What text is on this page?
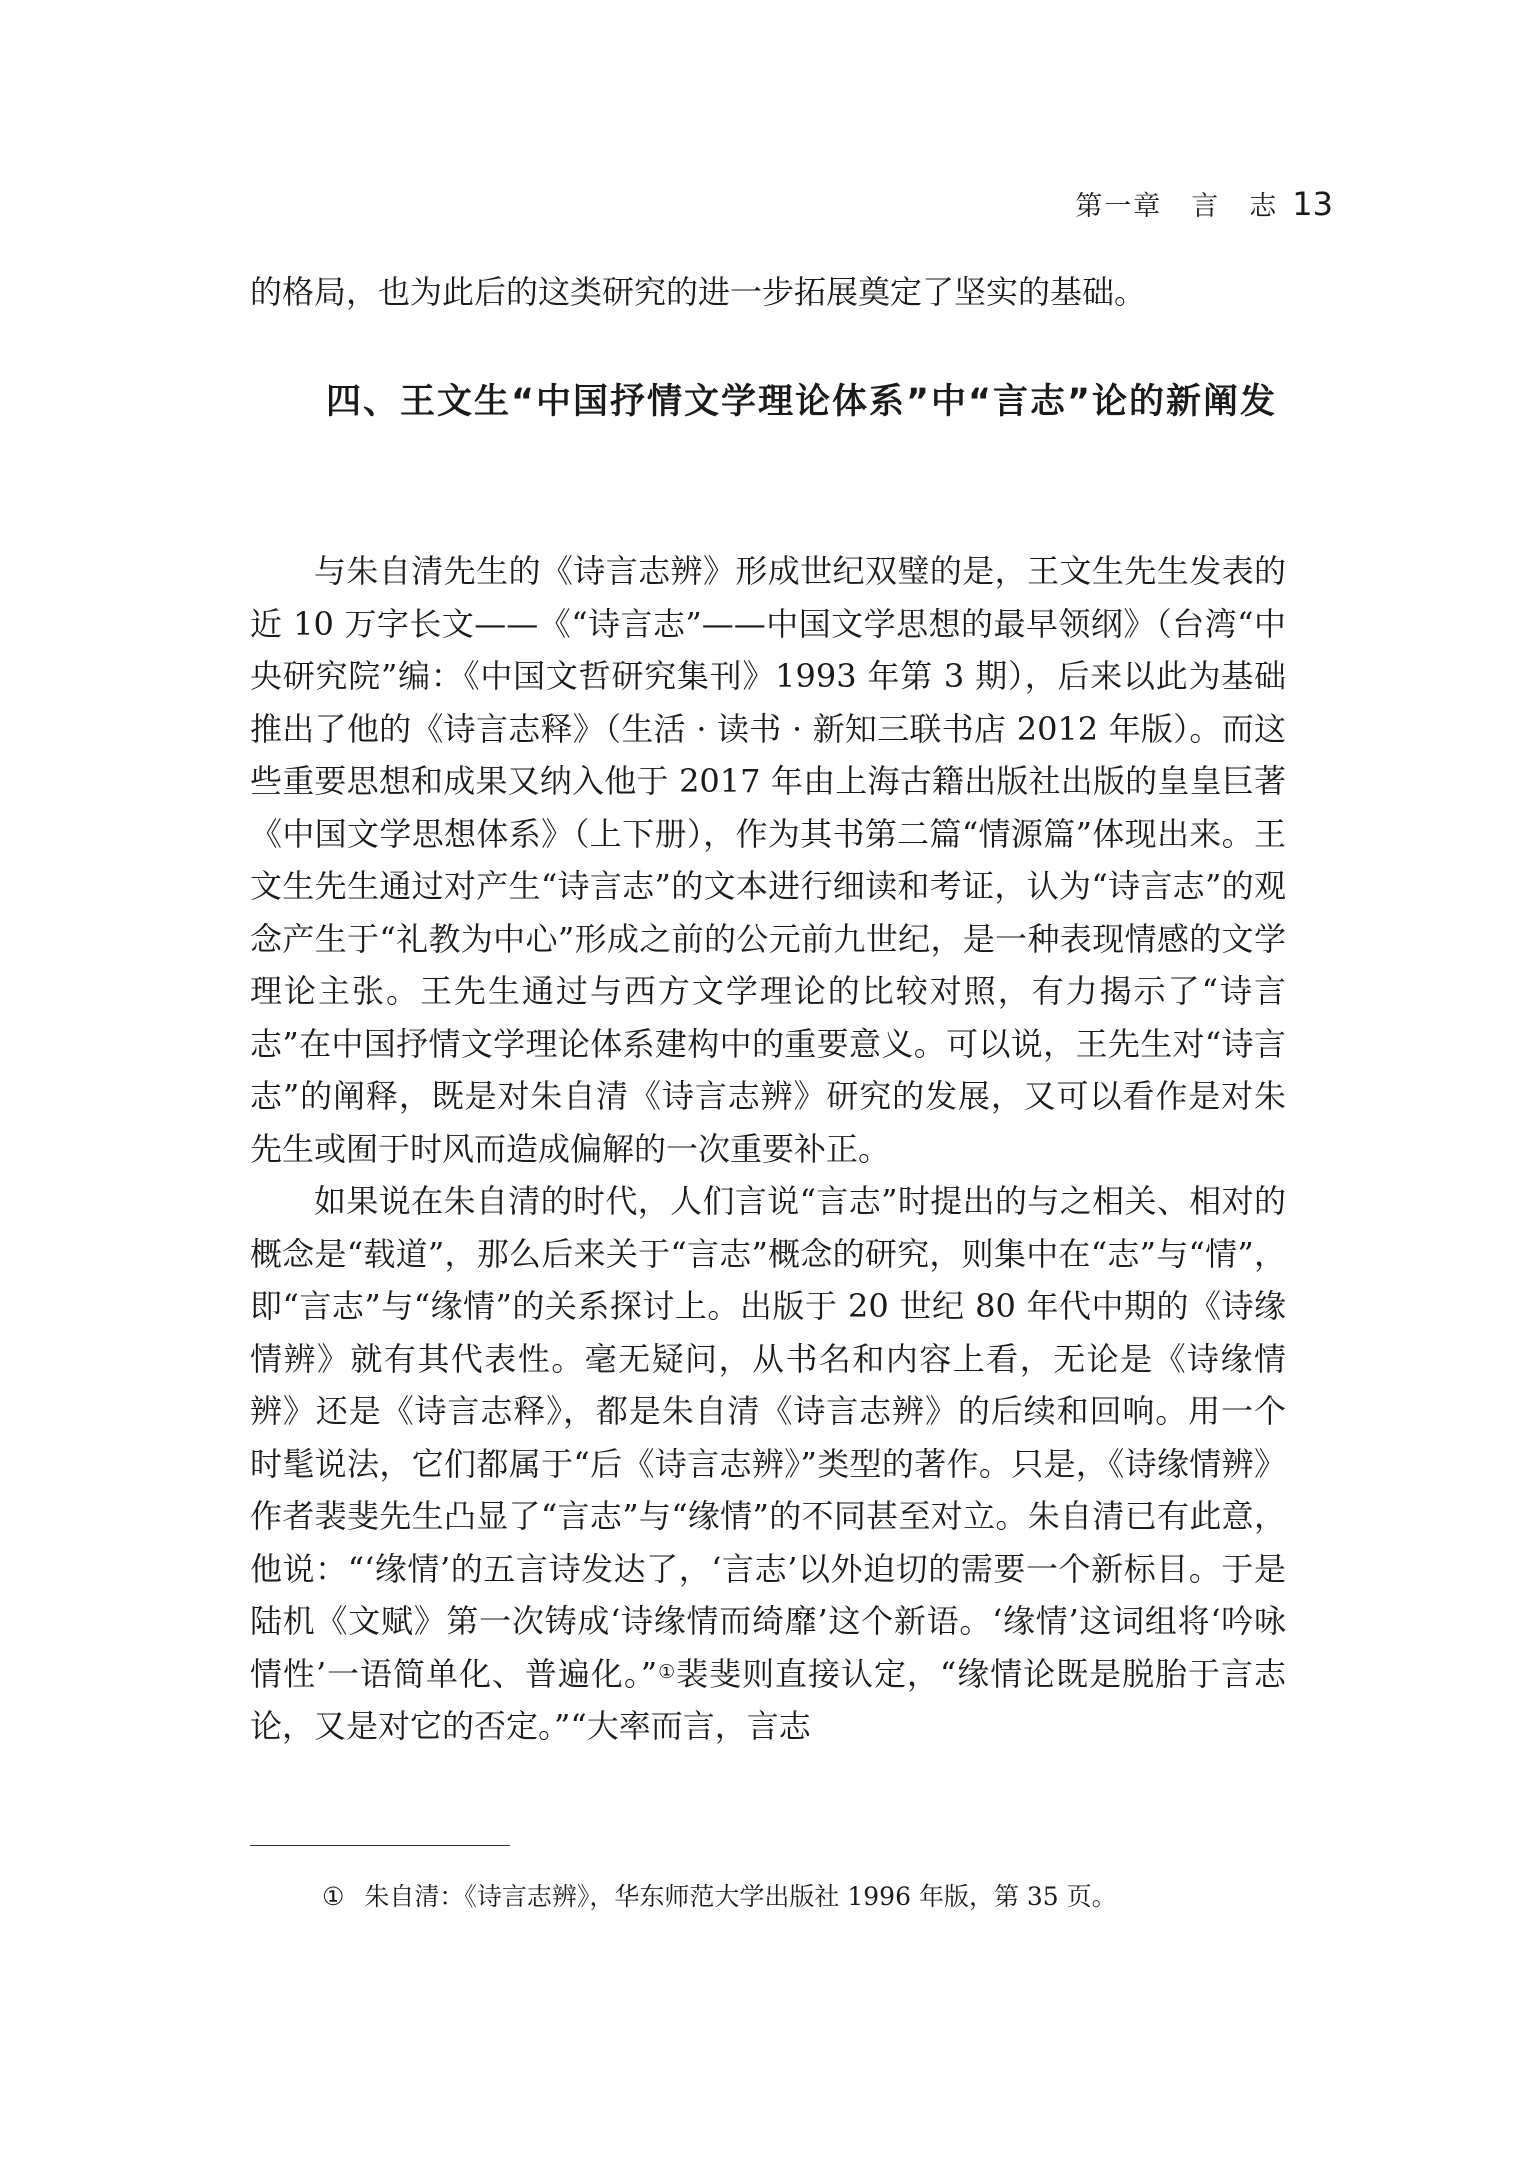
第一章　言　志 13

的格局，也为此后的这类研究的进一步拓展奠定了坚实的基础。

四、王文生“中国抒情文学理论体系”中“言志”论的新阐发

与朱自清先生的《诗言志辨》形成世纪双璧的是，王文生先生发表的近 10 万字长文——《“诗言志”——中国文学思想的最早领纲》（台湾“中央研究院”编：《中国文哲研究集刊》1993 年第 3 期），后来以此为基础推出了他的《诗言志释》（生活 · 读书 · 新知三联书店 2012 年版）。而这些重要思想和成果又纳入他于 2017 年由上海古籍出版社出版的皇皇巨著《中国文学思想体系》（上下册），作为其书第二篇“情源篇”体现出来。王文生先生通过对产生“诗言志”的文本进行细读和考证，认为“诗言志”的观念产生于“礼教为中心”形成之前的公元前九世纪，是一种表现情感的文学理论主张。王先生通过与西方文学理论的比较对照，有力揭示了“诗言志”在中国抒情文学理论体系建构中的重要意义。可以说，王先生对“诗言志”的阐释，既是对朱自清《诗言志辨》研究的发展，又可以看作是对朱先生或囿于时风而造成偏解的一次重要补正。

如果说在朱自清的时代，人们言说“言志”时提出的与之相关、相对的概念是“载道”，那么后来关于“言志”概念的研究，则集中在“志”与“情”，即“言志”与“缘情”的关系探讨上。出版于 20 世纪 80 年代中期的《诗缘情辨》就有其代表性。毫无疑问，从书名和内容上看，无论是《诗缘情辨》还是《诗言志释》，都是朱自清《诗言志辨》的后续和回响。用一个时髦说法，它们都属于“后《诗言志辨》”类型的著作。只是，《诗缘情辨》作者裴斐先生凸显了“言志”与“缘情”的不同甚至对立。朱自清已有此意，他说：“‘缘情’的五言诗发达了，‘言志’以外迫切的需要一个新标目。于是陆机《文赋》第一次铸成‘诗缘情而绮靡’这个新语。‘缘情’这词组将‘吟咏情性’一语简单化、普遍化。”①裴斐则直接认定，“缘情论既是脱胎于言志论，又是对它的否定。”“大率而言，言志

① 朱自清：《诗言志辨》，华东师范大学出版社 1996 年版，第 35 页。
